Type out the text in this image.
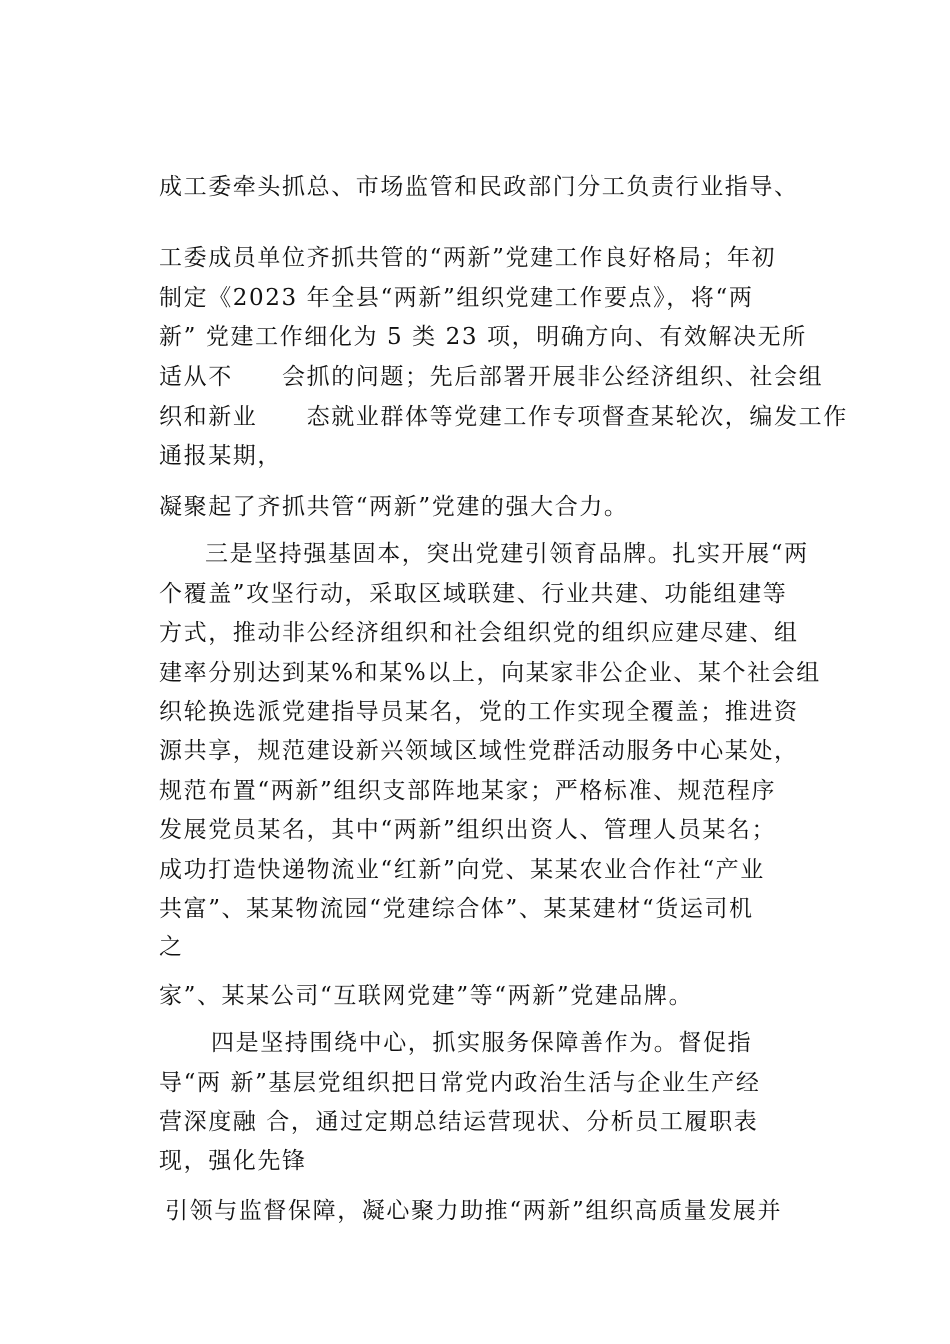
成工委牵头抓总、市场监管和民政部门分工负责行业指导、
工委成员单位齐抓共管的“两新”党建工作良好格局；年初
制定《2023 年全县“两新”组织党建工作要点》，将“两
新” 党建工作细化为 5 类 23 项，明确方向、有效解决无所
适从不　　会抓的问题；先后部署开展非公经济组织、社会组
织和新业　　态就业群体等党建工作专项督查某轮次，编发工作
通报某期，
凝聚起了齐抓共管“两新”党建的强大合力。
三是坚持强基固本，突出党建引领育品牌。扎实开展“两
个覆盖”攻坚行动，采取区域联建、行业共建、功能组建等
方式，推动非公经济组织和社会组织党的组织应建尽建、组
建率分别达到某%和某%以上，向某家非公企业、某个社会组
织轮换选派党建指导员某名，党的工作实现全覆盖；推进资
源共享，规范建设新兴领域区域性党群活动服务中心某处，
规范布置“两新”组织支部阵地某家；严格标准、规范程序
发展党员某名，其中“两新”组织出资人、管理人员某名；
成功打造快递物流业“红新”向党、某某农业合作社“产业
共富”、某某物流园“党建综合体”、某某建材“货运司机
之
家”、某某公司“互联网党建”等“两新”党建品牌。
四是坚持围绕中心，抓实服务保障善作为。督促指
导“两 新”基层党组织把日常党内政治生活与企业生产经
营深度融 合，通过定期总结运营现状、分析员工履职表
现，强化先锋
引领与监督保障，凝心聚力助推“两新”组织高质量发展并
